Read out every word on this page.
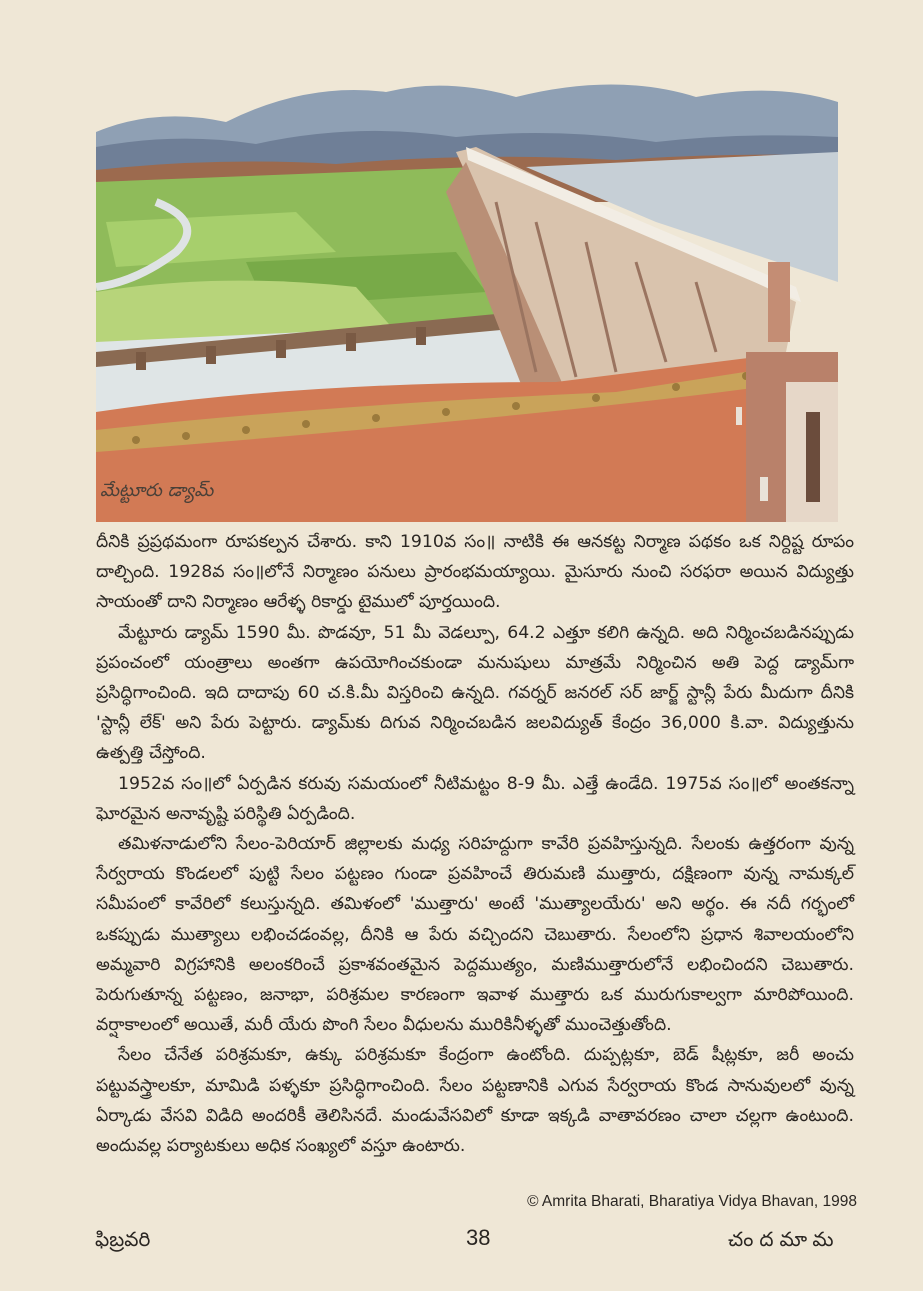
మేట్టూరు డ్యామ్

దీనికి ప్రప్రథమంగా రూపకల్పన చేశారు. కాని 1910వ సం॥ నాటికి ఈ ఆనకట్ట నిర్మాణ పథకం ఒక నిర్దిష్ట రూపం దాల్చింది. 1928వ సం॥లోనే నిర్మాణం పనులు ప్రారంభమయ్యాయి. మైసూరు నుంచి సరఫరా అయిన విద్యుత్తు సాయంతో దాని నిర్మాణం ఆరేళ్ళ రికార్డు టైములో పూర్తయింది.

మేట్టూరు డ్యామ్ 1590 మీ. పొడవూ, 51 మీ వెడల్పూ, 64.2 ఎత్తూ కలిగి ఉన్నది. అది నిర్మించబడినప్పుడు ప్రపంచంలో యంత్రాలు అంతగా ఉపయోగించకుండా మనుషులు మాత్రమే నిర్మించిన అతి పెద్ద డ్యామ్‌గా ప్రసిద్ధిగాంచింది. ఇది దాదాపు 60 చ.కి.మీ విస్తరించి ఉన్నది. గవర్నర్ జనరల్ సర్ జార్జ్ స్టాన్లీ పేరు మీదుగా దీనికి 'స్టాన్లీ లేక్' అని పేరు పెట్టారు. డ్యామ్‌కు దిగువ నిర్మించబడిన జలవిద్యుత్ కేంద్రం 36,000 కి.వా. విద్యుత్తును ఉత్పత్తి చేస్తోంది.

1952వ సం॥లో ఏర్పడిన కరువు సమయంలో నీటిమట్టం 8-9 మీ. ఎత్తే ఉండేది. 1975వ సం॥లో అంతకన్నా ఘోరమైన అనావృష్టి పరిస్థితి ఏర్పడింది.

తమిళనాడులోని సేలం-పెరియార్ జిల్లాలకు మధ్య సరిహద్దుగా కావేరి ప్రవహిస్తున్నది. సేలంకు ఉత్తరంగా వున్న సేర్వరాయ కొండలలో పుట్టి సేలం పట్టణం గుండా ప్రవహించే తిరుమణి ముత్తారు, దక్షిణంగా వున్న నామక్కల్ సమీపంలో కావేరిలో కలుస్తున్నది. తమిళంలో 'ముత్తారు' అంటే 'ముత్యాలయేరు' అని అర్థం. ఈ నదీ గర్భంలో ఒకప్పుడు ముత్యాలు లభించడంవల్ల, దీనికి ఆ పేరు వచ్చిందని చెబుతారు. సేలంలోని ప్రధాన శివాలయంలోని అమ్మవారి విగ్రహానికి అలంకరించే ప్రకాశవంతమైన పెద్దముత్యం, మణిముత్తారులోనే లభించిందని చెబుతారు. పెరుగుతూన్న పట్టణం, జనాభా, పరిశ్రమల కారణంగా ఇవాళ ముత్తారు ఒక మురుగుకాల్వగా మారిపోయింది. వర్షాకాలంలో అయితే, మరీ యేరు పొంగి సేలం వీధులను మురికినీళ్ళతో ముంచెత్తుతోంది.

సేలం చేనేత పరిశ్రమకూ, ఉక్కు పరిశ్రమకూ కేంద్రంగా ఉంటోంది. దుప్పట్లకూ, బెడ్ షీట్లకూ, జరీ అంచు పట్టువస్త్రాలకూ, మామిడి పళ్ళకూ ప్రసిద్ధిగాంచింది. సేలం పట్టణానికి ఎగువ సేర్వరాయ కొండ సానువులలో వున్న ఏర్కాడు వేసవి విడిది అందరికీ తెలిసినదే. మండువేసవిలో కూడా ఇక్కడి వాతావరణం చాలా చల్లగా ఉంటుంది. అందువల్ల పర్యాటకులు అధిక సంఖ్యలో వస్తూ ఉంటారు.

© Amrita Bharati, Bharatiya Vidya Bhavan, 1998
ఫిబ్రవరి	38	చందమామ
